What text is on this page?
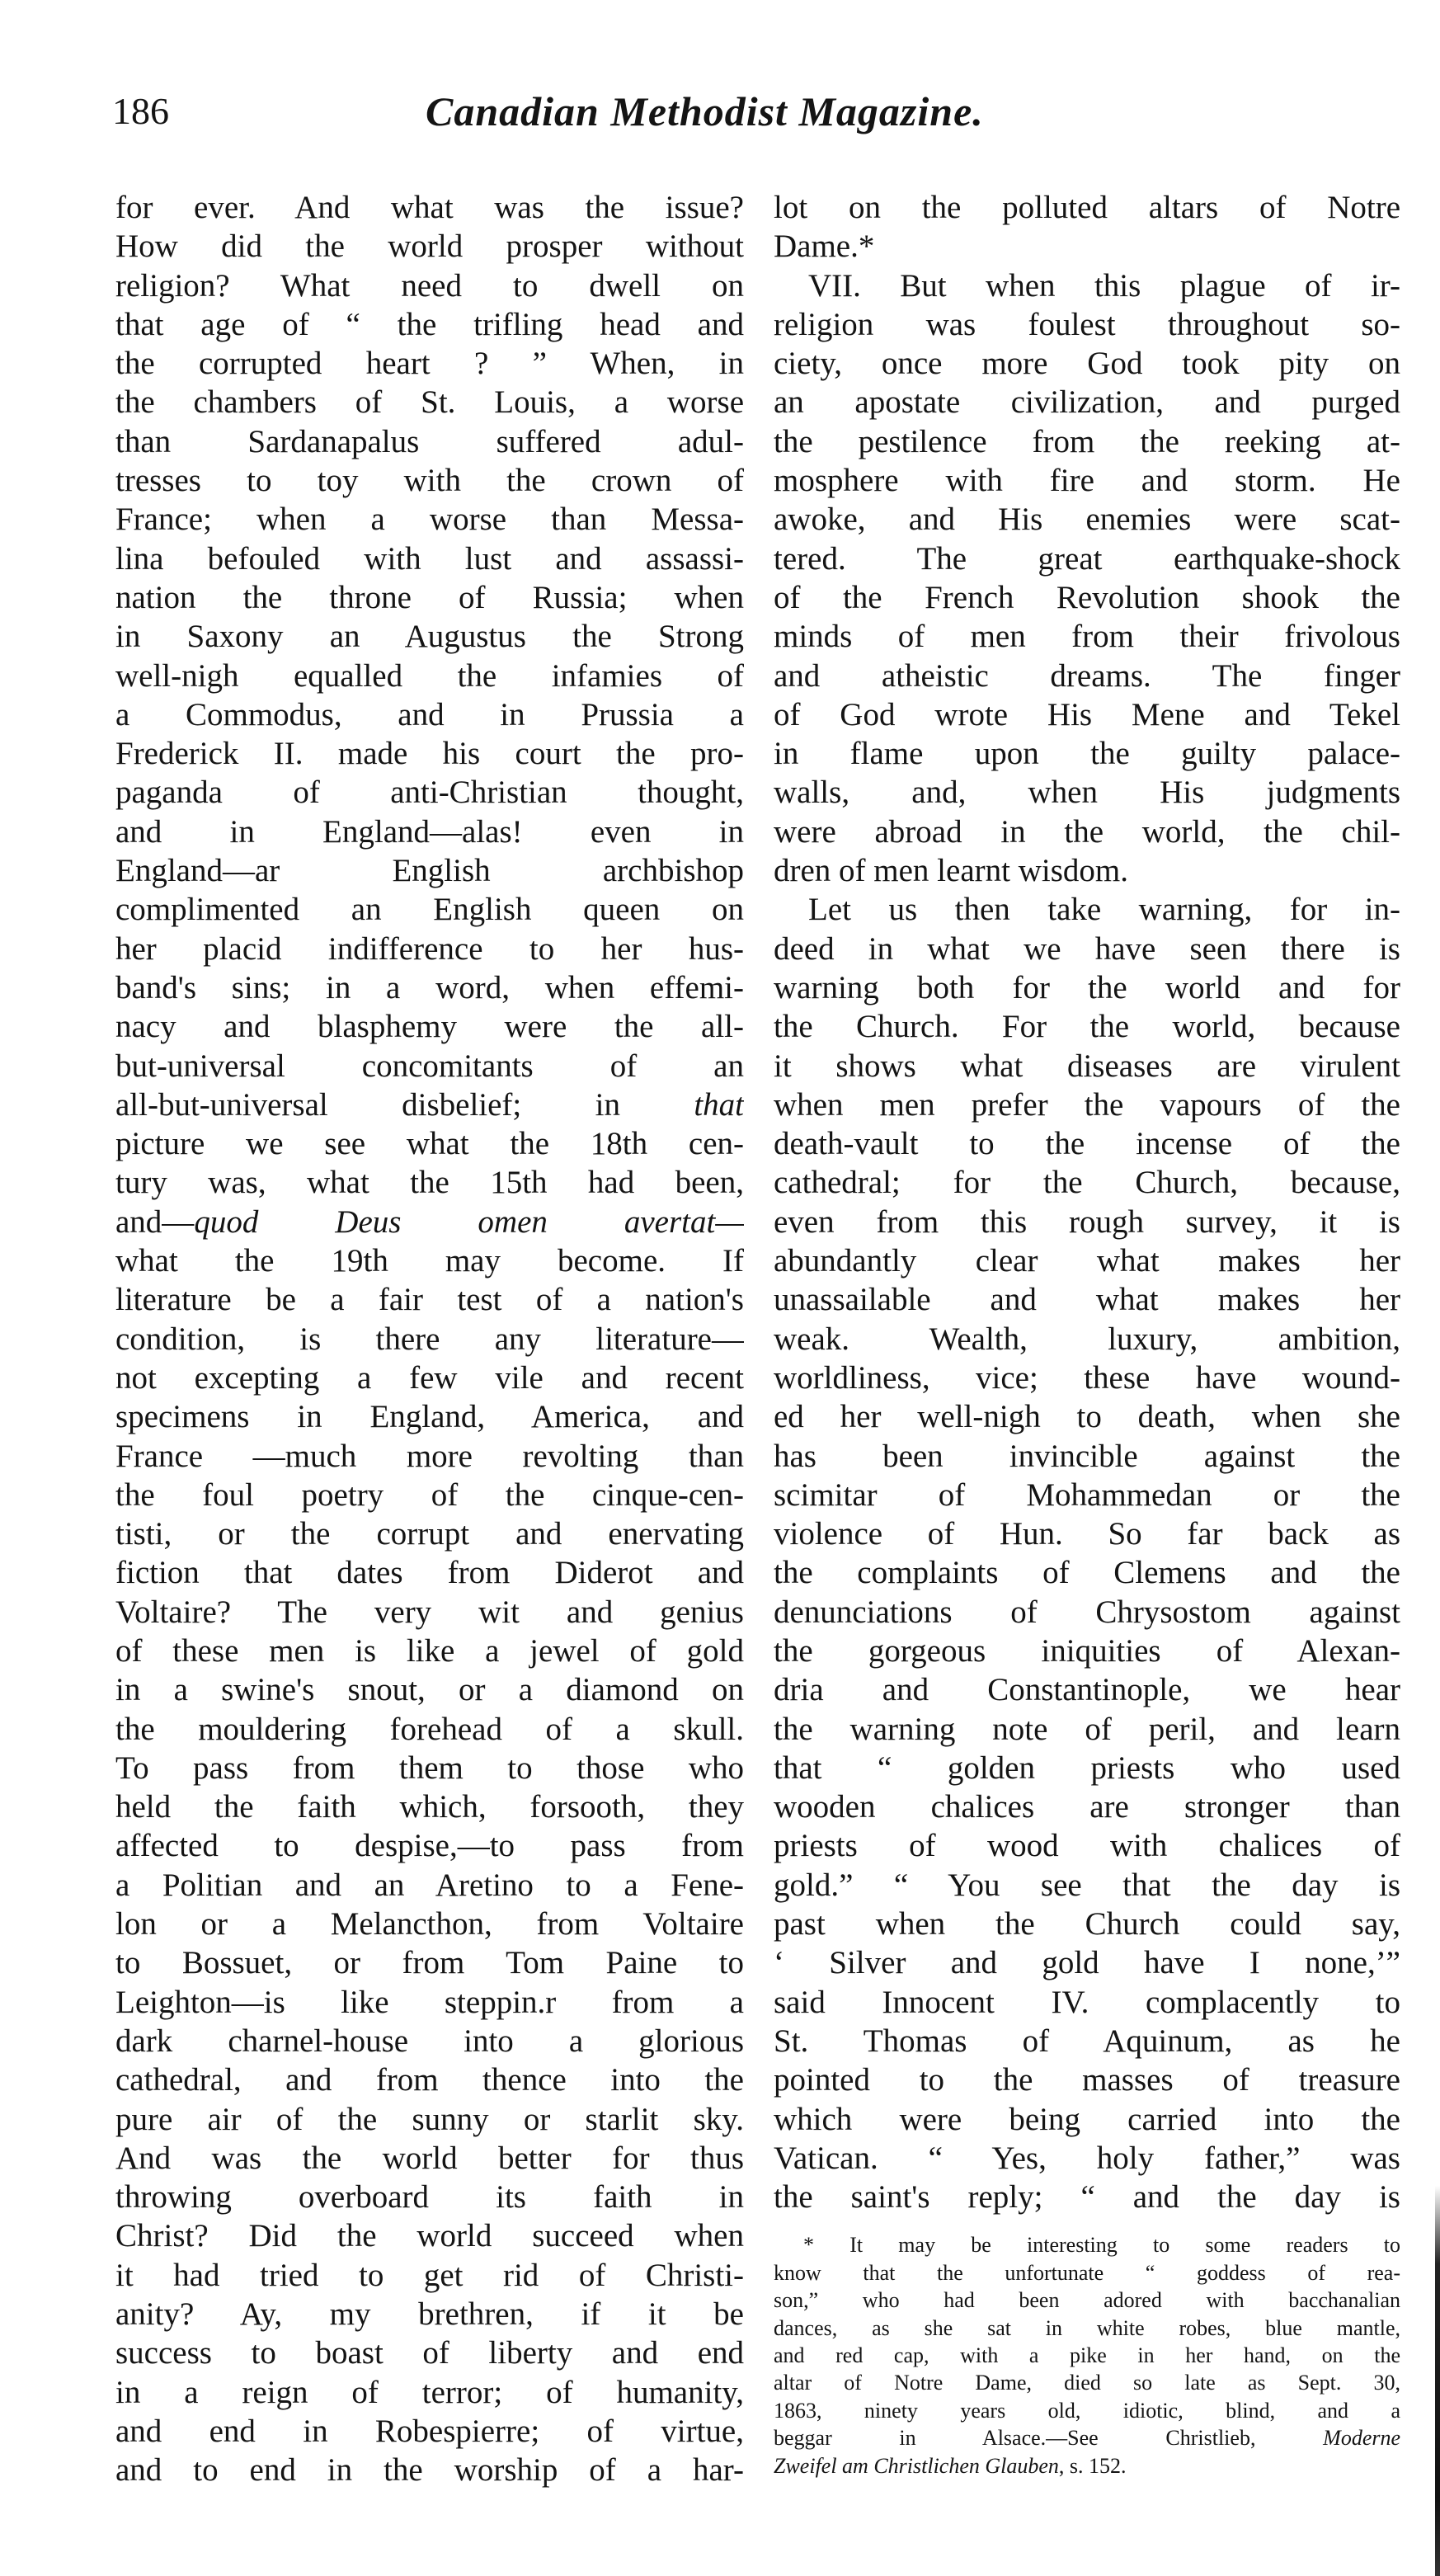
186	Canadian Methodist Magazine.
for ever. And what was the issue?
How did the world prosper without
religion? What need to dwell on
that age of “ the trifling head and
the corrupted heart ? ” When, in
the chambers of St. Louis, a worse
than Sardanapalus suffered adul-
tresses to toy with the crown of
France; when a worse than Messa-
lina befouled with lust and assassi-
nation the throne of Russia; when
in Saxony an Augustus the Strong
well-nigh equalled the infamies of
a Commodus, and in Prussia a
Frederick II. made his court the pro-
paganda of anti-Christian thought,
and in England—alas! even in
England—ar English archbishop
complimented an English queen on
her placid indifference to her hus-
band's sins; in a word, when effemi-
nacy and blasphemy were the all-
but-universal concomitants of an
all-but-universal disbelief; in that
picture we see what the 18th cen-
tury was, what the 15th had been,
and—quod Deus omen avertat—
what the 19th may become. If
literature be a fair test of a nation's
condition, is there any literature—
not excepting a few vile and recent
specimens in England, America, and
France —much more revolting than
the foul poetry of the cinque-cen-
tisti, or the corrupt and enervating
fiction that dates from Diderot and
Voltaire? The very wit and genius
of these men is like a jewel of gold
in a swine's snout, or a diamond on
the mouldering forehead of a skull.
To pass from them to those who
held the faith which, forsooth, they
affected to despise,—to pass from
a Politian and an Aretino to a Fene-
lon or a Melancthon, from Voltaire
to Bossuet, or from Tom Paine to
Leighton—is like steppin.r from a
dark charnel-house into a glorious
cathedral, and from thence into the
pure air of the sunny or starlit sky.
And was the world better for thus
throwing overboard its faith in
Christ? Did the world succeed when
it had tried to get rid of Christi-
anity? Ay, my brethren, if it be
success to boast of liberty and end
in a reign of terror; of humanity,
and end in Robespierre; of virtue,
and to end in the worship of a har-
lot on the polluted altars of Notre
Dame.*
VII. But when this plague of ir-
religion was foulest throughout so-
ciety, once more God took pity on
an apostate civilization, and purged
the pestilence from the reeking at-
mosphere with fire and storm. He
awoke, and His enemies were scat-
tered. The great earthquake-shock
of the French Revolution shook the
minds of men from their frivolous
and atheistic dreams. The finger
of God wrote His Mene and Tekel
in flame upon the guilty palace-
walls, and, when His judgments
were abroad in the world, the chil-
dren of men learnt wisdom.
Let us then take warning, for in-
deed in what we have seen there is
warning both for the world and for
the Church. For the world, because
it shows what diseases are virulent
when men prefer the vapours of the
death-vault to the incense of the
cathedral; for the Church, because,
even from this rough survey, it is
abundantly clear what makes her
unassailable and what makes her
weak. Wealth, luxury, ambition,
worldliness, vice; these have wound-
ed her well-nigh to death, when she
has been invincible against the
scimitar of Mohammedan or the
violence of Hun. So far back as
the complaints of Clemens and the
denunciations of Chrysostom against
the gorgeous iniquities of Alexan-
dria and Constantinople, we hear
the warning note of peril, and learn
that “ golden priests who used
wooden chalices are stronger than
priests of wood with chalices of
gold.” “ You see that the day is
past when the Church could say,
‘ Silver and gold have I none,’”
said Innocent IV. complacently to
St. Thomas of Aquinum, as he
pointed to the masses of treasure
which were being carried into the
Vatican. “ Yes, holy father,” was
the saint's reply; “ and the day is
* It may be interesting to some readers to
know that the unfortunate “ goddess of rea-
son,” who had been adored with bacchanalian
dances, as she sat in white robes, blue mantle,
and red cap, with a pike in her hand, on the
altar of Notre Dame, died so late as Sept. 30,
1863, ninety years old, idiotic, blind, and a
beggar in Alsace.—See Christlieb,	Moderne
Zweifel am Christlichen Glauben, s. 152.
